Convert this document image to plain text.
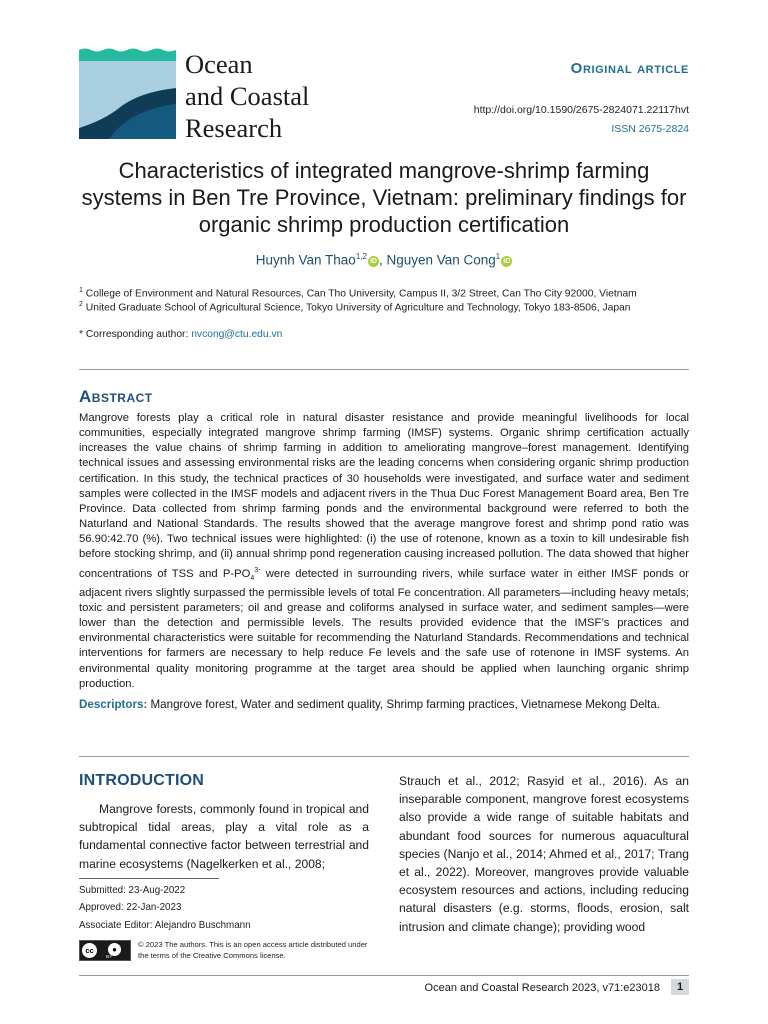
Ocean
and Coastal
Research
Original article
http://doi.org/10.1590/2675-2824071.22117hvt
ISSN 2675-2824
Characteristics of integrated mangrove-shrimp farming systems in Ben Tre Province, Vietnam: preliminary findings for organic shrimp production certification
Huynh Van Thao$^{1,2}$ iD , Nguyen Van Cong$^1$ iD
$^1$ College of Environment and Natural Resources, Can Tho University, Campus II, 3/2 Street, Can Tho City 92000, Vietnam
$^2$ United Graduate School of Agricultural Science, Tokyo University of Agriculture and Technology, Tokyo 183-8506, Japan
* Corresponding author: nvcong@ctu.edu.vn
Abstract

Mangrove forests play a critical role in natural disaster resistance and provide meaningful livelihoods for local communities, especially integrated mangrove shrimp farming (IMSF) systems. Organic shrimp certification actually increases the value chains of shrimp farming in addition to ameliorating mangrove–forest management. Identifying technical issues and assessing environmental risks are the leading concerns when considering organic shrimp production certification. In this study, the technical practices of 30 households were investigated, and surface water and sediment samples were collected in the IMSF models and adjacent rivers in the Thua Duc Forest Management Board area, Ben Tre Province. Data collected from shrimp farming ponds and the environmental background were referred to both the Naturland and National Standards. The results showed that the average mangrove forest and shrimp pond ratio was 56.90:42.70 (%). Two technical issues were highlighted: (i) the use of rotenone, known as a toxin to kill undesirable fish before stocking shrimp, and (ii) annual shrimp pond regeneration causing increased pollution. The data showed that higher concentrations of TSS and $P-PO_4^{3-}$ were detected in surrounding rivers, while surface water in either IMSF ponds or adjacent rivers slightly surpassed the permissible levels of total Fe concentration. All parameters—including heavy metals; toxic and persistent parameters; oil and grease and coliforms analysed in surface water, and sediment samples—were lower than the detection and permissible levels. The results provided evidence that the IMSF’s practices and environmental characteristics were suitable for recommending the Naturland Standards. Recommendations and technical interventions for farmers are necessary to help reduce Fe levels and the safe use of rotenone in IMSF systems. An environmental quality monitoring programme at the target area should be applied when launching organic shrimp production.

Descriptors: Mangrove forest, Water and sediment quality, Shrimp farming practices, Vietnamese Mekong Delta.

INTRODUCTION

Mangrove forests, commonly found in tropical and subtropical tidal areas, play a vital role as a fundamental connective factor between terrestrial and marine ecosystems (Nagelkerken et al., 2008;

Submitted: 23-Aug-2022
Approved: 22-Jan-2023
Associate Editor: Alejandro Buschmann
cc	●
BY
© 2023 The authors. This is an open access article distributed under the terms of the Creative Commons license.

Strauch et al., 2012; Rasyid et al., 2016). As an inseparable component, mangrove forest ecosystems also provide a wide range of suitable habitats and abundant food sources for numerous aquacultural species (Nanjo et al., 2014; Ahmed et al., 2017; Trang et al., 2022). Moreover, mangroves provide valuable ecosystem resources and actions, including reducing natural disasters (e.g. storms, floods, erosion, salt intrusion and climate change); providing wood

Ocean and Coastal Research 2023, v71:e23018	1
